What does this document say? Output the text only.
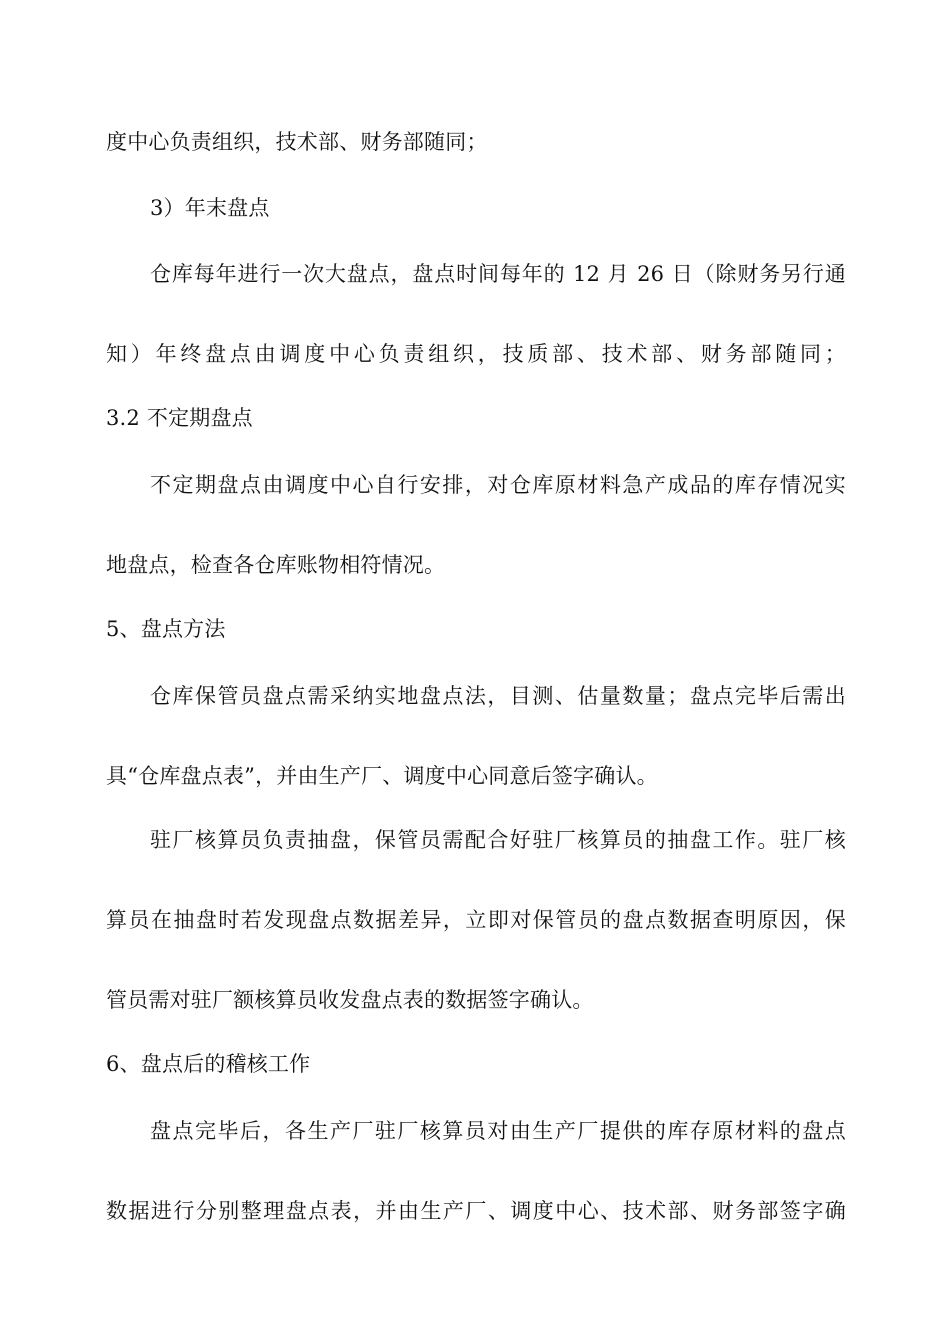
度中心负责组织，技术部、财务部随同；
3）年末盘点
仓库每年进行一次大盘点，盘点时间每年的 12 月 26 日（除财务另行通
知）年终盘点由调度中心负责组织，技质部、技术部、财务部随同；
3.2 不定期盘点
不定期盘点由调度中心自行安排，对仓库原材料急产成品的库存情况实
地盘点，检查各仓库账物相符情况。
5、盘点方法
仓库保管员盘点需采纳实地盘点法，目测、估量数量；盘点完毕后需出
具“仓库盘点表”，并由生产厂、调度中心同意后签字确认。
驻厂核算员负责抽盘，保管员需配合好驻厂核算员的抽盘工作。驻厂核
算员在抽盘时若发现盘点数据差异，立即对保管员的盘点数据查明原因，保
管员需对驻厂额核算员收发盘点表的数据签字确认。
6、盘点后的稽核工作
盘点完毕后，各生产厂驻厂核算员对由生产厂提供的库存原材料的盘点
数据进行分别整理盘点表，并由生产厂、调度中心、技术部、财务部签字确
